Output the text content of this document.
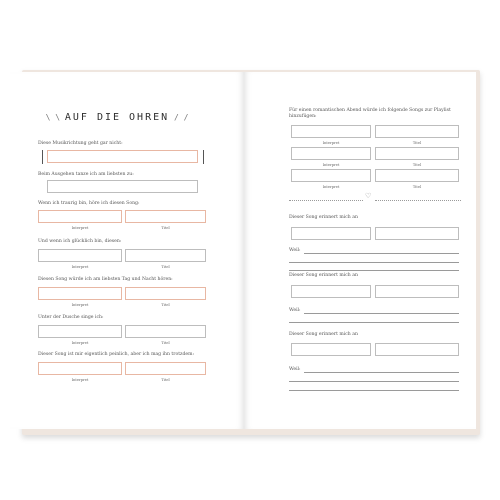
\ \ AUF DIE OHREN / /
Diese Musikrichtung geht gar nicht:
Beim Ausgehen tanze ich am liebsten zu:
Wenn ich traurig bin, höre ich diesen Song:
Interpret	Titel
Und wenn ich glücklich bin, diesen:
Interpret	Titel
Diesen Song würde ich am liebsten Tag und Nacht hören:
Interpret	Titel
Unter der Dusche singe ich:
Interpret	Titel
Dieser Song ist mir eigentlich peinlich, aber ich mag ihn trotzdem:
Interpret	Titel
Für einen romantischen Abend würde ich folgende Songs zur Playlist hinzufügen:
Interpret	Titel
Interpret	Titel
Interpret	Titel
♡
Dieser Song erinnert mich an
Weil:
Dieser Song erinnert mich an
Weil:
Dieser Song erinnert mich an
Weil:
